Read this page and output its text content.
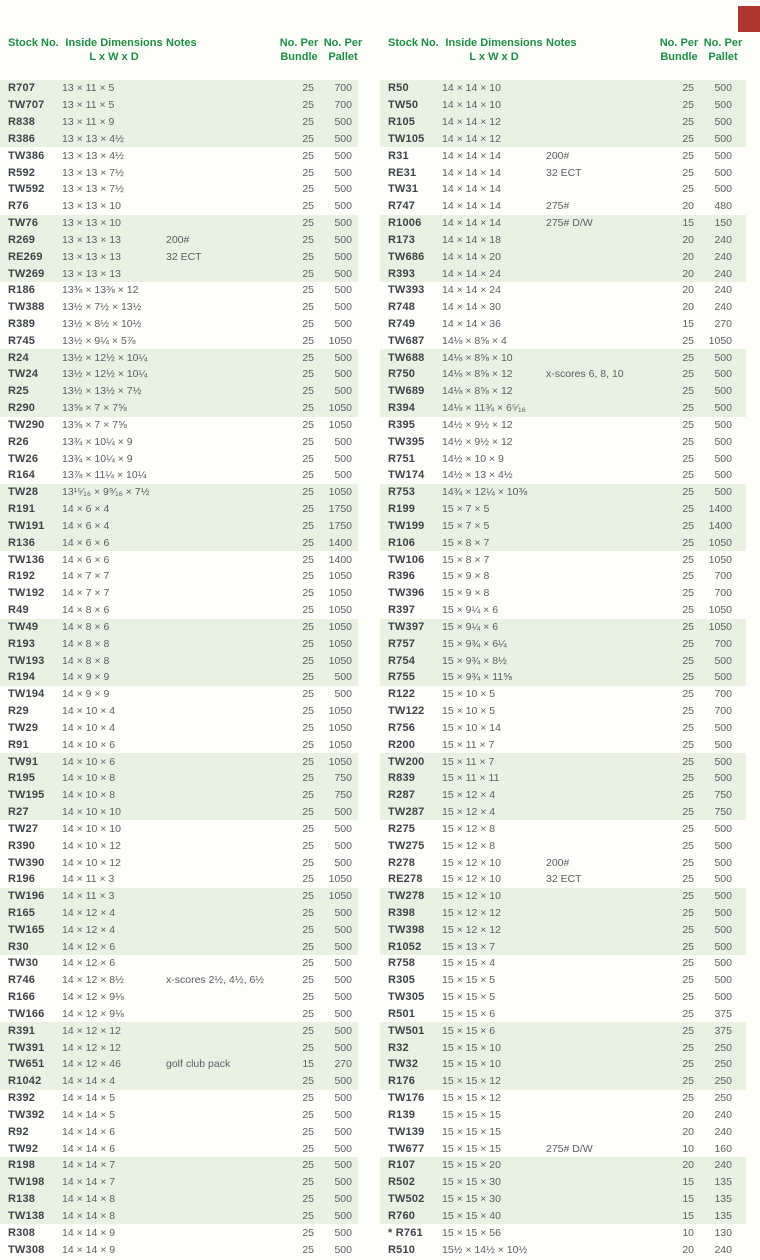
Stock No. Inside Dimensions
L x W x D
Notes	No. Per
Bundle
No. Per
Pallet
R707	13 × 11 × 5	25	700
TW707	13 × 11 × 5	25	700
R838	13 × 11 × 9	25	500
R386	13 × 13 × 4½	25	500
TW386	13 × 13 × 4½	25	500
R592	13 × 13 × 7½	25	500
TW592	13 × 13 × 7½	25	500
R76	13 × 13 × 10	25	500
TW76	13 × 13 × 10	25	500
R269	13 × 13 × 13	200#	25	500
RE269	13 × 13 × 13	32 ECT	25	500
TW269	13 × 13 × 13	25	500
R186	13⅜ × 13⅜ × 12	25	500
TW388	13½ × 7½ × 13½	25	500
R389	13½ × 8½ × 10½	25	500
R745	13½ × 9¼ × 5⅞	25	1050
R24	13½ × 12½ × 10¼	25	500
TW24	13½ × 12½ × 10¼	25	500
R25	13½ × 13½ × 7½	25	500
R290	13⅝ × 7 × 7⅝	25	1050
TW290	13⅝ × 7 × 7⅝	25	1050
R26	13¾ × 10¼ × 9	25	500
TW26	13¾ × 10¼ × 9	25	500
R164	13⅞ × 11¼ × 10¼	25	500
TW28	13¹⁵⁄₁₆ × 9⁹⁄₁₆ × 7½	25	1050
R191	14 × 6 × 4	25	1750
TW191	14 × 6 × 4	25	1750
R136	14 × 6 × 6	25	1400
TW136	14 × 6 × 6	25	1400
R192	14 × 7 × 7	25	1050
TW192	14 × 7 × 7	25	1050
R49	14 × 8 × 6	25	1050
TW49	14 × 8 × 6	25	1050
R193	14 × 8 × 8	25	1050
TW193	14 × 8 × 8	25	1050
R194	14 × 9 × 9	25	500
TW194	14 × 9 × 9	25	500
R29	14 × 10 × 4	25	1050
TW29	14 × 10 × 4	25	1050
R91	14 × 10 × 6	25	1050
TW91	14 × 10 × 6	25	1050
R195	14 × 10 × 8	25	750
TW195	14 × 10 × 8	25	750
R27	14 × 10 × 10	25	500
TW27	14 × 10 × 10	25	500
R390	14 × 10 × 12	25	500
TW390	14 × 10 × 12	25	500
R196	14 × 11 × 3	25	1050
TW196	14 × 11 × 3	25	1050
R165	14 × 12 × 4	25	500
TW165	14 × 12 × 4	25	500
R30	14 × 12 × 6	25	500
TW30	14 × 12 × 6	25	500
R746	14 × 12 × 8½	x-scores 2½, 4½, 6½	25	500
R166	14 × 12 × 9⅛	25	500
TW166	14 × 12 × 9⅛	25	500
R391	14 × 12 × 12	25	500
TW391	14 × 12 × 12	25	500
TW651	14 × 12 × 46	golf club pack	15	270
R1042	14 × 14 × 4	25	500
R392	14 × 14 × 5	25	500
TW392	14 × 14 × 5	25	500
R92	14 × 14 × 6	25	500
TW92	14 × 14 × 6	25	500
R198	14 × 14 × 7	25	500
TW198	14 × 14 × 7	25	500
R138	14 × 14 × 8	25	500
TW138	14 × 14 × 8	25	500
R308	14 × 14 × 9	25	500
TW308	14 × 14 × 9	25	500
Stock No. Inside Dimensions
L x W x D
Notes	No. Per
Bundle
No. Per
Pallet
R50	14 × 14 × 10	25	500
TW50	14 × 14 × 10	25	500
R105	14 × 14 × 12	25	500
TW105	14 × 14 × 12	25	500
R31	14 × 14 × 14	200#	25	500
RE31	14 × 14 × 14	32 ECT	25	500
TW31	14 × 14 × 14	25	500
R747	14 × 14 × 14	275#	20	480
R1006	14 × 14 × 14	275# D/W	15	150
R173	14 × 14 × 18	20	240
TW686	14 × 14 × 20	20	240
R393	14 × 14 × 24	20	240
TW393	14 × 14 × 24	20	240
R748	14 × 14 × 30	20	240
R749	14 × 14 × 36	15	270
TW687	14⅛ × 8⅝ × 4	25	1050
TW688	14⅛ × 8⅝ × 10	25	500
R750	14⅛ × 8⅝ × 12	x-scores 6, 8, 10	25	500
TW689	14⅛ × 8⅝ × 12	25	500
R394	14⅛ × 11¾ × 6⁵⁄₁₆	25	500
R395	14½ × 9½ × 12	25	500
TW395	14½ × 9½ × 12	25	500
R751	14½ × 10 × 9	25	500
TW174	14½ × 13 × 4½	25	500
R753	14¾ × 12¼ × 10⅜	25	500
R199	15 × 7 × 5	25	1400
TW199	15 × 7 × 5	25	1400
R106	15 × 8 × 7	25	1050
TW106	15 × 8 × 7	25	1050
R396	15 × 9 × 8	25	700
TW396	15 × 9 × 8	25	700
R397	15 × 9¼ × 6	25	1050
TW397	15 × 9¼ × 6	25	1050
R757	15 × 9¾ × 6¼	25	700
R754	15 × 9¾ × 8½	25	500
R755	15 × 9¾ × 11⅝	25	500
R122	15 × 10 × 5	25	700
TW122	15 × 10 × 5	25	700
R756	15 × 10 × 14	25	500
R200	15 × 11 × 7	25	500
TW200	15 × 11 × 7	25	500
R839	15 × 11 × 11	25	500
R287	15 × 12 × 4	25	750
TW287	15 × 12 × 4	25	750
R275	15 × 12 × 8	25	500
TW275	15 × 12 × 8	25	500
R278	15 × 12 × 10	200#	25	500
RE278	15 × 12 × 10	32 ECT	25	500
TW278	15 × 12 × 10	25	500
R398	15 × 12 × 12	25	500
TW398	15 × 12 × 12	25	500
R1052	15 × 13 × 7	25	500
R758	15 × 15 × 4	25	500
R305	15 × 15 × 5	25	500
TW305	15 × 15 × 5	25	500
R501	15 × 15 × 6	25	375
TW501	15 × 15 × 6	25	375
R32	15 × 15 × 10	25	250
TW32	15 × 15 × 10	25	250
R176	15 × 15 × 12	25	250
TW176	15 × 15 × 12	25	250
R139	15 × 15 × 15	20	240
TW139	15 × 15 × 15	20	240
TW677	15 × 15 × 15	275# D/W	10	160
R107	15 × 15 × 20	20	240
R502	15 × 15 × 30	15	135
TW502	15 × 15 × 30	15	135
R760	15 × 15 × 40	15	135
* R761	15 × 15 × 56	10	130
R510	15½ × 14½ × 10½	20	240
